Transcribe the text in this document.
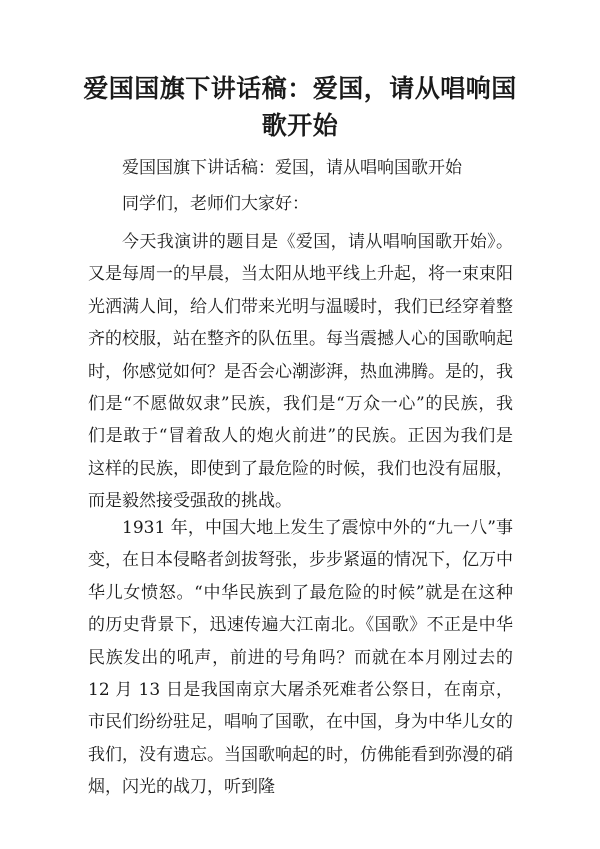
爱国国旗下讲话稿：爱国，请从唱响国歌开始

爱国国旗下讲话稿：爱国，请从唱响国歌开始

同学们，老师们大家好：

今天我演讲的题目是《爱国，请从唱响国歌开始》。又是每周一的早晨，当太阳从地平线上升起，将一束束阳光洒满人间，给人们带来光明与温暖时，我们已经穿着整齐的校服，站在整齐的队伍里。每当震撼人心的国歌响起时，你感觉如何？是否会心潮澎湃，热血沸腾。是的，我们是“不愿做奴隶”民族，我们是“万众一心”的民族，我们是敢于“冒着敌人的炮火前进”的民族。正因为我们是这样的民族，即使到了最危险的时候，我们也没有屈服，而是毅然接受强敌的挑战。

1931 年，中国大地上发生了震惊中外的“九一八”事变，在日本侵略者剑拔弩张，步步紧逼的情况下，亿万中华儿女愤怒。“中华民族到了最危险的时候”就是在这种的历史背景下，迅速传遍大江南北。《国歌》不正是中华民族发出的吼声，前进的号角吗？而就在本月刚过去的 12 月 13 日是我国南京大屠杀死难者公祭日，在南京，市民们纷纷驻足，唱响了国歌，在中国，身为中华儿女的我们，没有遗忘。当国歌响起的时，仿佛能看到弥漫的硝烟，闪光的战刀，听到隆
